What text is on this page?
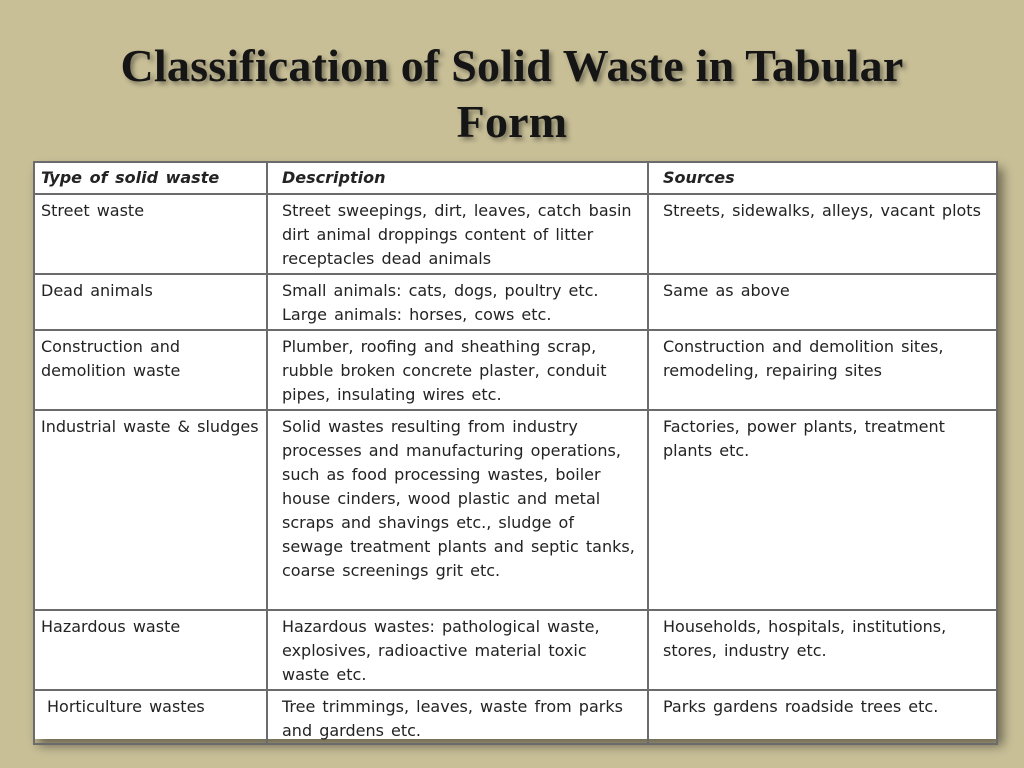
Classification of Solid Waste in Tabular
Form
Type of solid waste	Description	Sources
Street waste	Street sweepings, dirt, leaves, catch basin dirt animal droppings content of litter receptacles dead animals	Streets, sidewalks, alleys, vacant plots
Dead animals	Small animals: cats, dogs, poultry etc. Large animals: horses, cows etc.	Same as above
Construction and demolition waste	Plumber, roofing and sheathing scrap, rubble broken concrete plaster, conduit pipes, insulating wires etc.	Construction and demolition sites, remodeling, repairing sites
Industrial waste & sludges	Solid wastes resulting from industry processes and manufacturing operations, such as food processing wastes, boiler house cinders, wood plastic and metal scraps and shavings etc., sludge of sewage treatment plants and septic tanks, coarse screenings grit etc.	Factories, power plants, treatment plants etc.
Hazardous waste	Hazardous wastes: pathological waste, explosives, radioactive material toxic waste etc.	Households, hospitals, institutions, stores, industry etc.
Horticulture wastes	Tree trimmings, leaves, waste from parks and gardens etc.	Parks gardens roadside trees etc.
